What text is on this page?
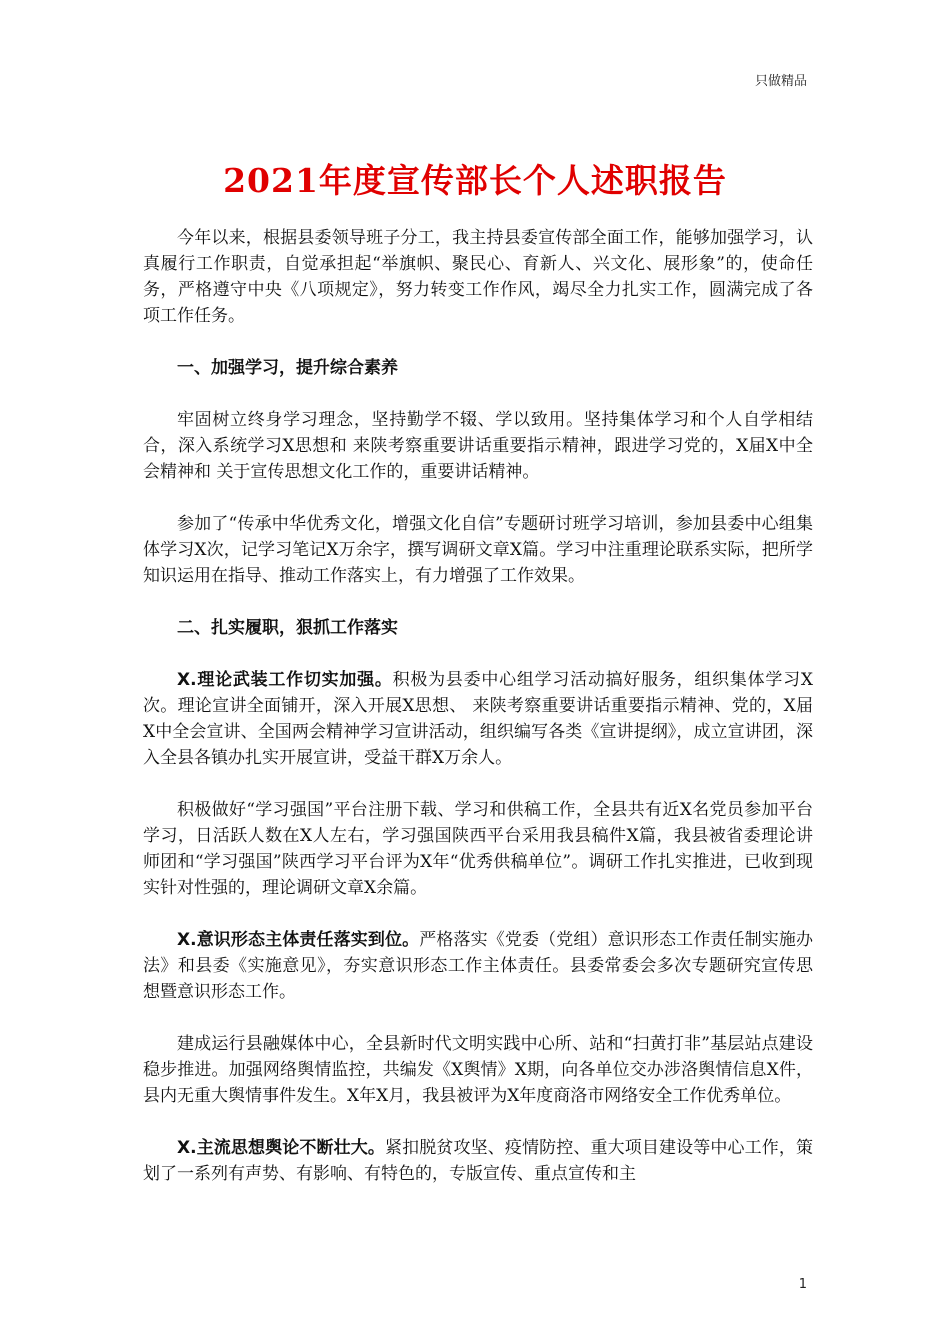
只做精品
2021年度宣传部长个人述职报告

今年以来，根据县委领导班子分工，我主持县委宣传部全面工作，能够加强学习，认真履行工作职责，自觉承担起“举旗帜、聚民心、育新人、兴文化、展形象”的，使命任务，严格遵守中央《八项规定》，努力转变工作作风，竭尽全力扎实工作，圆满完成了各项工作任务。

一、加强学习，提升综合素养

牢固树立终身学习理念，坚持勤学不辍、学以致用。坚持集体学习和个人自学相结合，深入系统学习X思想和 来陕考察重要讲话重要指示精神，跟进学习党的，X届X中全会精神和 关于宣传思想文化工作的，重要讲话精神。

参加了“传承中华优秀文化，增强文化自信”专题研讨班学习培训，参加县委中心组集体学习X次，记学习笔记X万余字，撰写调研文章X篇。学习中注重理论联系实际，把所学知识运用在指导、推动工作落实上，有力增强了工作效果。

二、扎实履职，狠抓工作落实

X.理论武装工作切实加强。积极为县委中心组学习活动搞好服务，组织集体学习X次。理论宣讲全面铺开，深入开展X思想、 来陕考察重要讲话重要指示精神、党的，X届X中全会宣讲、全国两会精神学习宣讲活动，组织编写各类《宣讲提纲》，成立宣讲团，深入全县各镇办扎实开展宣讲，受益干群X万余人。

积极做好“学习强国”平台注册下载、学习和供稿工作，全县共有近X名党员参加平台学习，日活跃人数在X人左右，学习强国陕西平台采用我县稿件X篇，我县被省委理论讲师团和“学习强国”陕西学习平台评为X年“优秀供稿单位”。调研工作扎实推进，已收到现实针对性强的，理论调研文章X余篇。

X.意识形态主体责任落实到位。严格落实《党委（党组）意识形态工作责任制实施办法》和县委《实施意见》，夯实意识形态工作主体责任。县委常委会多次专题研究宣传思想暨意识形态工作。

建成运行县融媒体中心，全县新时代文明实践中心所、站和“扫黄打非”基层站点建设稳步推进。加强网络舆情监控，共编发《X舆情》X期，向各单位交办涉洛舆情信息X件，县内无重大舆情事件发生。X年X月，我县被评为X年度商洛市网络安全工作优秀单位。

X.主流思想舆论不断壮大。紧扣脱贫攻坚、疫情防控、重大项目建设等中心工作，策划了一系列有声势、有影响、有特色的，专版宣传、重点宣传和主

1
